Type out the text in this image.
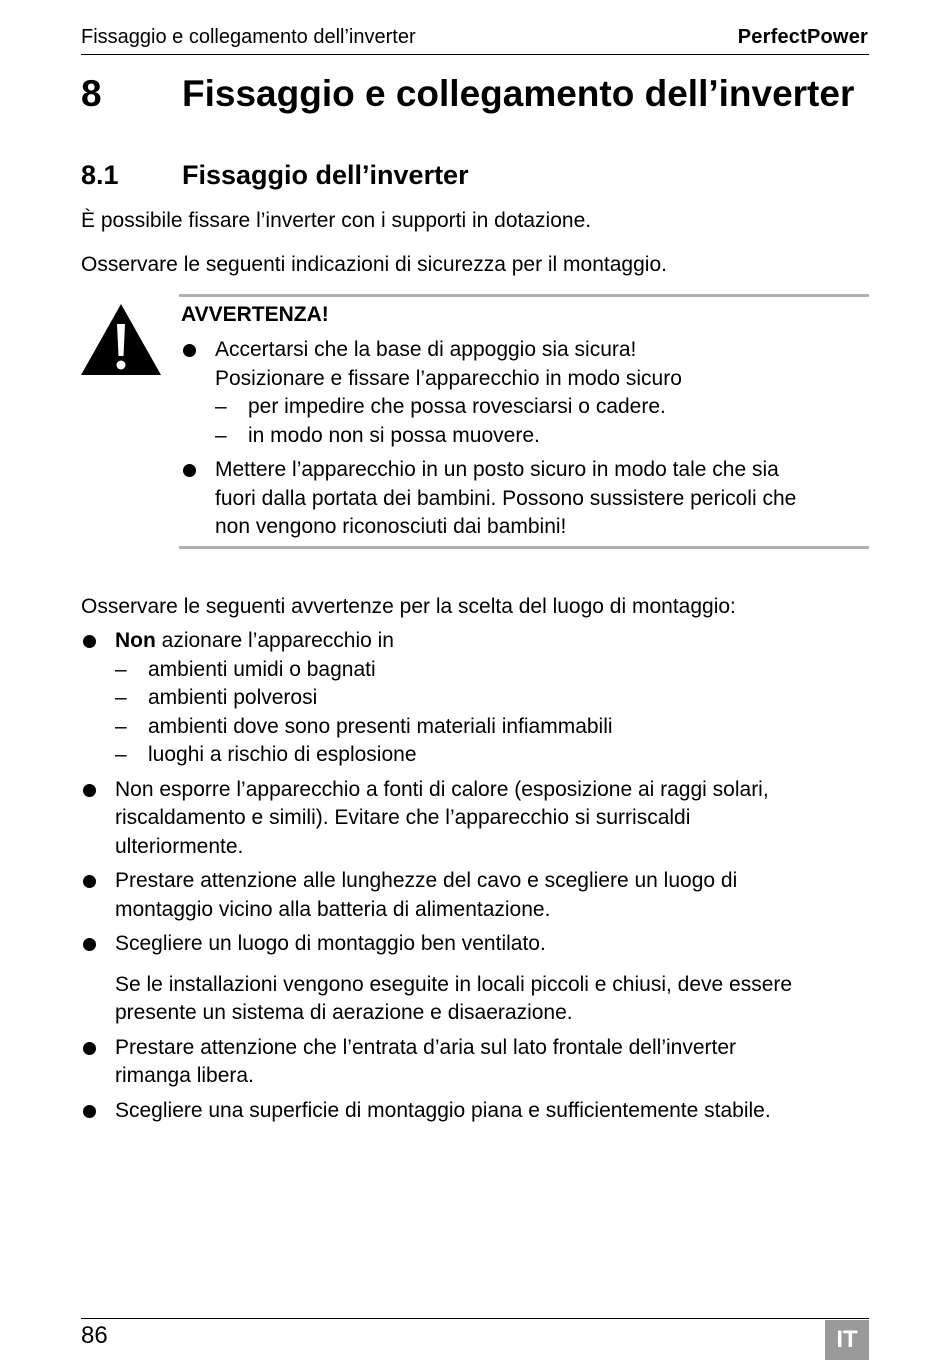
Fissaggio e collegamento dell’inverter	PerfectPower
8 Fissaggio e collegamento dell’inverter
8.1 Fissaggio dell’inverter
È possibile fissare l’inverter con i supporti in dotazione.
Osservare le seguenti indicazioni di sicurezza per il montaggio.
AVVERTENZA!
Accertarsi che la base di appoggio sia sicura!
Posizionare e fissare l’apparecchio in modo sicuro
– per impedire che possa rovesciarsi o cadere.
– in modo non si possa muovere.
Mettere l’apparecchio in un posto sicuro in modo tale che sia
fuori dalla portata dei bambini. Possono sussistere pericoli che
non vengono riconosciuti dai bambini!
Osservare le seguenti avvertenze per la scelta del luogo di montaggio:
Non azionare l’apparecchio in
– ambienti umidi o bagnati
– ambienti polverosi
– ambienti dove sono presenti materiali infiammabili
– luoghi a rischio di esplosione
Non esporre l’apparecchio a fonti di calore (esposizione ai raggi solari,
riscaldamento e simili). Evitare che l’apparecchio si surriscaldi
ulteriormente.
Prestare attenzione alle lunghezze del cavo e scegliere un luogo di
montaggio vicino alla batteria di alimentazione.
Scegliere un luogo di montaggio ben ventilato.

Se le installazioni vengono eseguite in locali piccoli e chiusi, deve essere
presente un sistema di aerazione e disaerazione.

Prestare attenzione che l’entrata d’aria sul lato frontale dell’inverter
rimanga libera.
Scegliere una superficie di montaggio piana e sufficientemente stabile.
86	IT
